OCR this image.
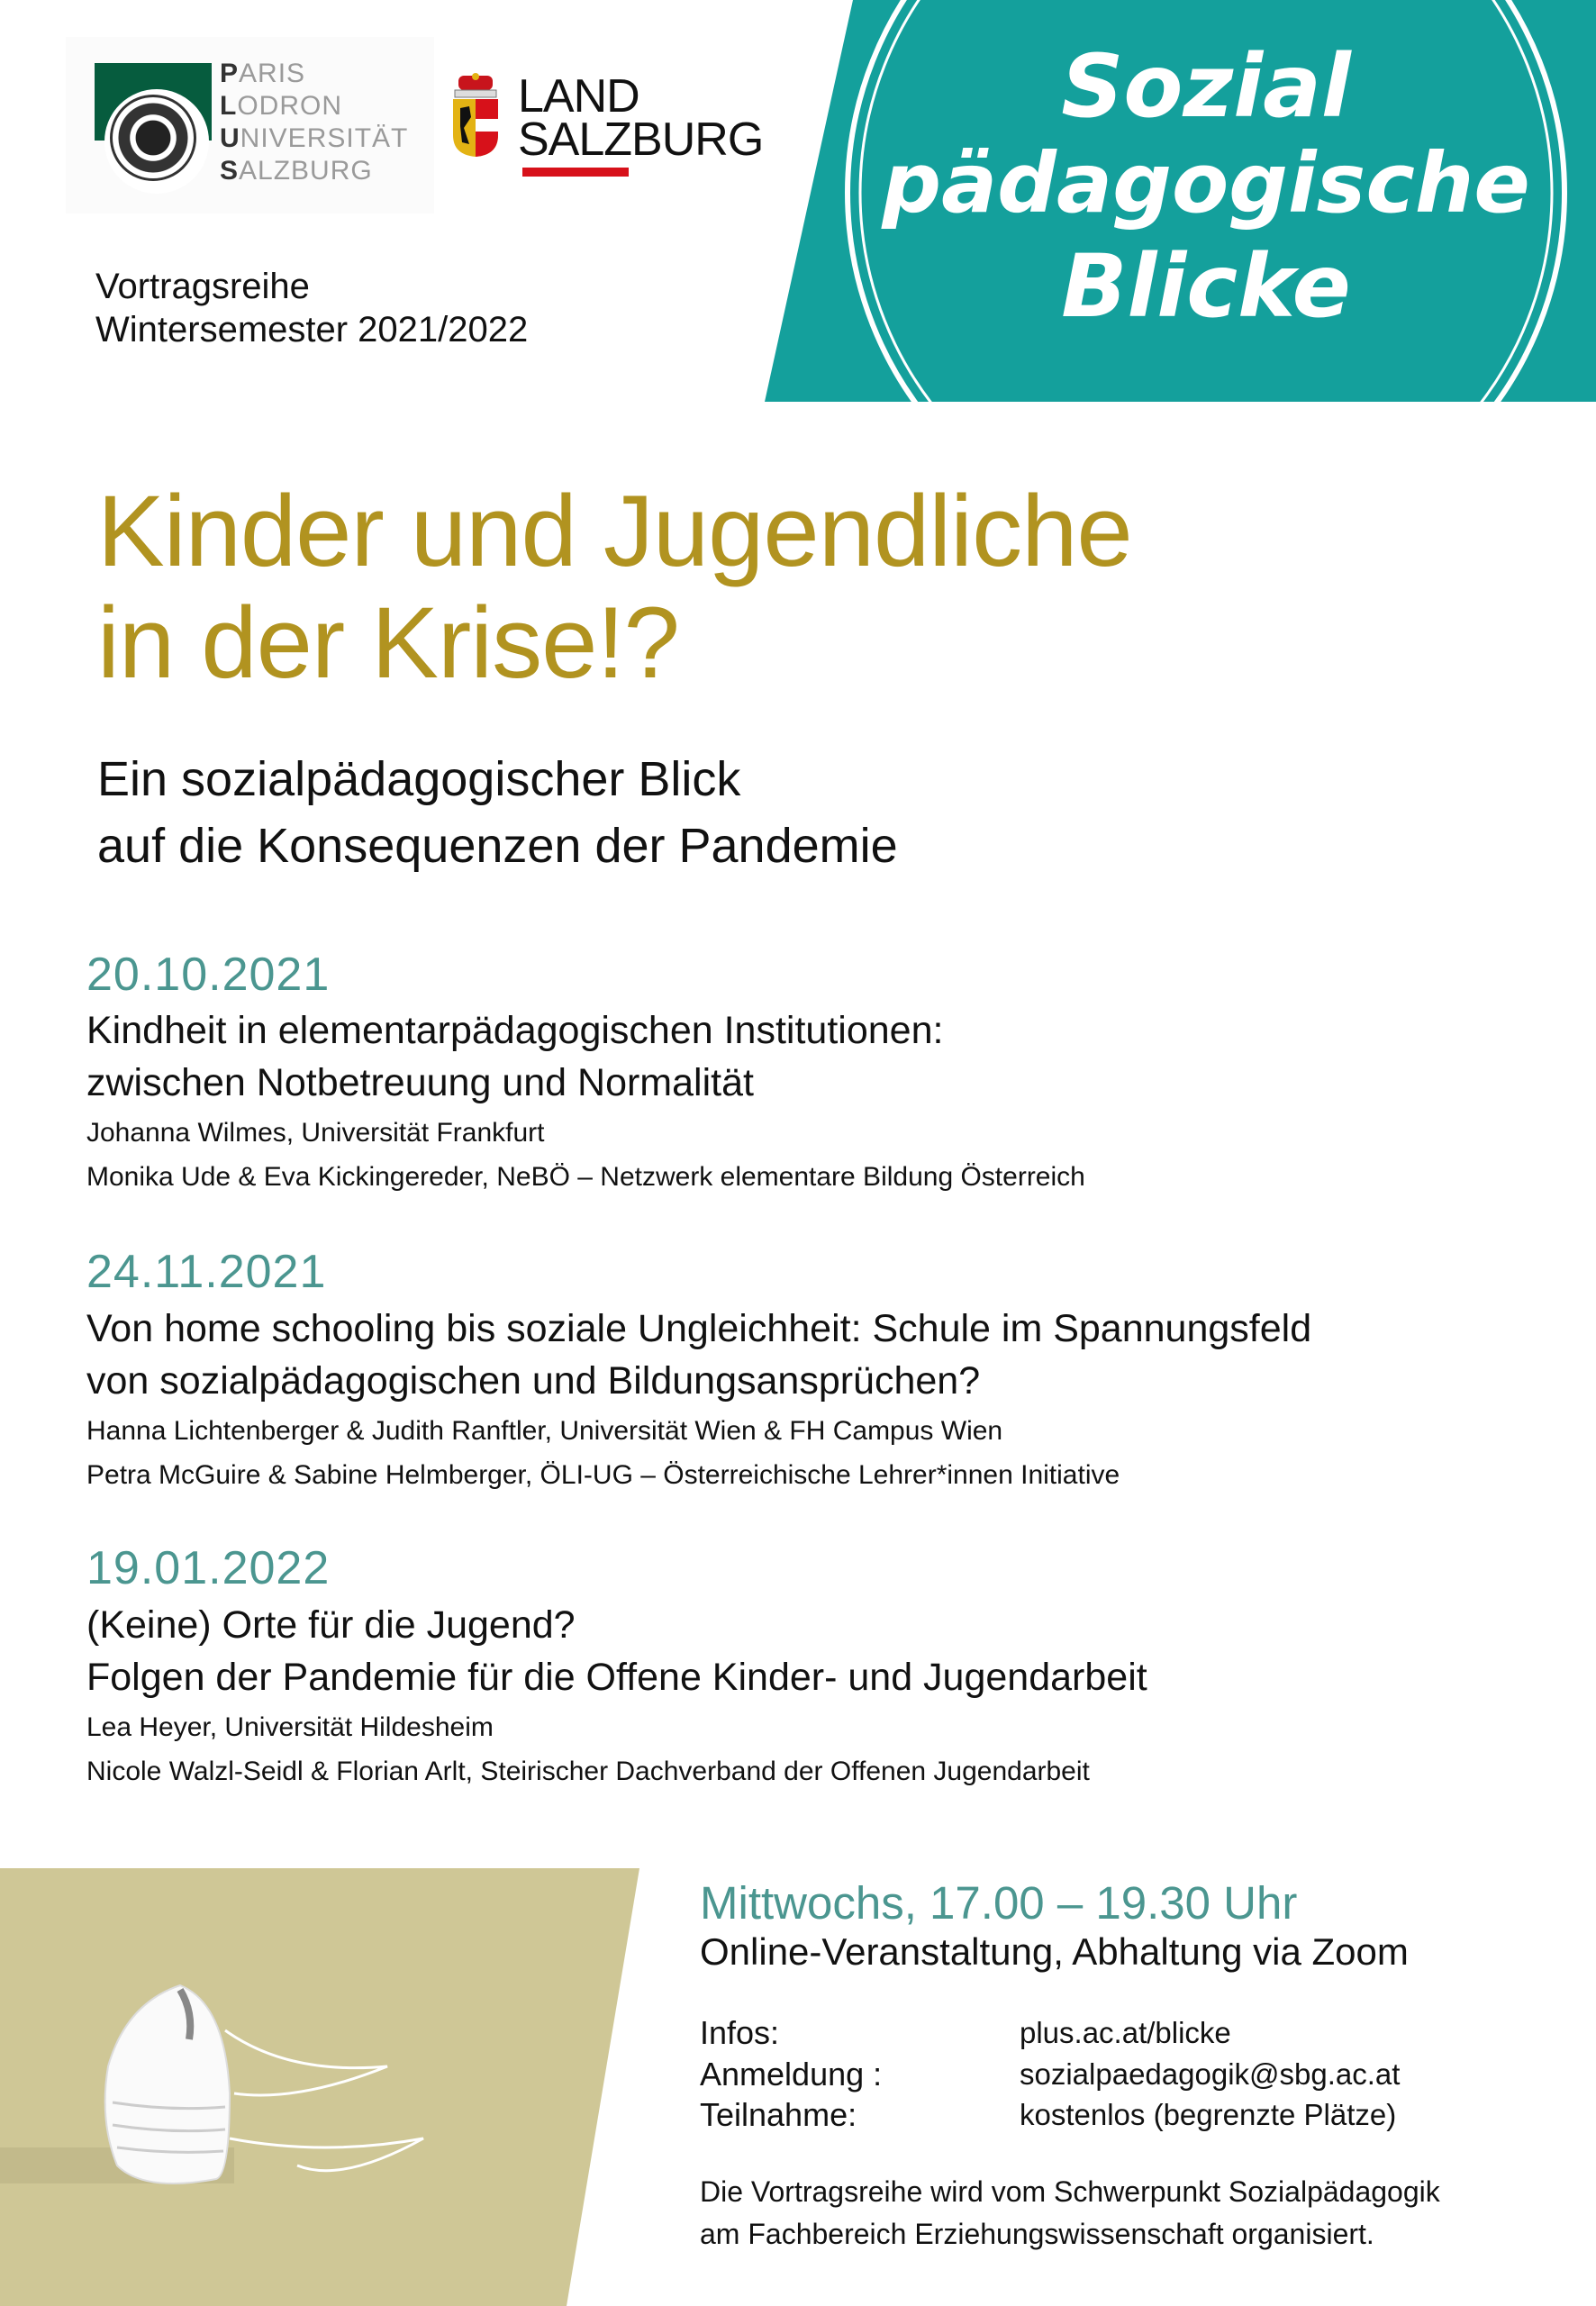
PARIS
LODRON
UNIVERSITÄT
SALZBURG
LAND
SALZBURG
Vortragsreihe
Wintersemester 2021/2022
Sozial
pädagogische
Blicke
Kinder und Jugendliche
in der Krise!?
Ein sozialpädagogischer Blick
auf die Konsequenzen der Pandemie
20.10.2021
Kindheit in elementarpädagogischen Institutionen:
zwischen Notbetreuung und Normalität
Johanna Wilmes, Universität Frankfurt
Monika Ude & Eva Kickingereder, NeBÖ – Netzwerk elementare Bildung Österreich
24.11.2021
Von home schooling bis soziale Ungleichheit: Schule im Spannungsfeld
von sozialpädagogischen und Bildungsansprüchen?
Hanna Lichtenberger & Judith Ranftler, Universität Wien & FH Campus Wien
Petra McGuire & Sabine Helmberger, ÖLI-UG – Österreichische Lehrer*innen Initiative
19.01.2022
(Keine) Orte für die Jugend?
Folgen der Pandemie für die Offene Kinder- und Jugendarbeit
Lea Heyer, Universität Hildesheim
Nicole Walzl-Seidl & Florian Arlt, Steirischer Dachverband der Offenen Jugendarbeit
Mittwochs, 17.00 – 19.30 Uhr
Online-Veranstaltung, Abhaltung via Zoom
Infos:	plus.ac.at/blicke
Anmeldung :	sozialpaedagogik@sbg.ac.at
Teilnahme:	kostenlos (begrenzte Plätze)
Die Vortragsreihe wird vom Schwerpunkt Sozialpädagogik
am Fachbereich Erziehungswissenschaft organisiert.
